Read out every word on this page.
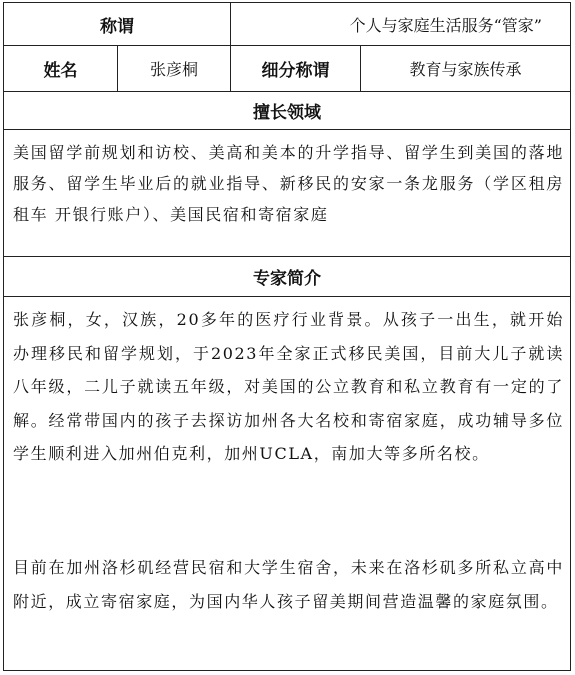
称谓	个人与家庭生活服务“管家”
姓名	张彦桐	细分称谓	教育与家族传承
擅长领域
美国留学前规划和访校、美高和美本的升学指导、留学生到美国的落地服务、留学生毕业后的就业指导、新移民的安家一条龙服务（学区租房 租车 开银行账户）、美国民宿和寄宿家庭
专家简介
张彦桐，女，汉族，20多年的医疗行业背景。从孩子一出生，就开始办理移民和留学规划，于2023年全家正式移民美国，目前大儿子就读八年级，二儿子就读五年级，对美国的公立教育和私立教育有一定的了解。经常带国内的孩子去探访加州各大名校和寄宿家庭，成功辅导多位学生顺利进入加州伯克利，加州UCLA，南加大等多所名校。
目前在加州洛杉矶经营民宿和大学生宿舍，未来在洛杉矶多所私立高中附近，成立寄宿家庭，为国内华人孩子留美期间营造温馨的家庭氛围。
